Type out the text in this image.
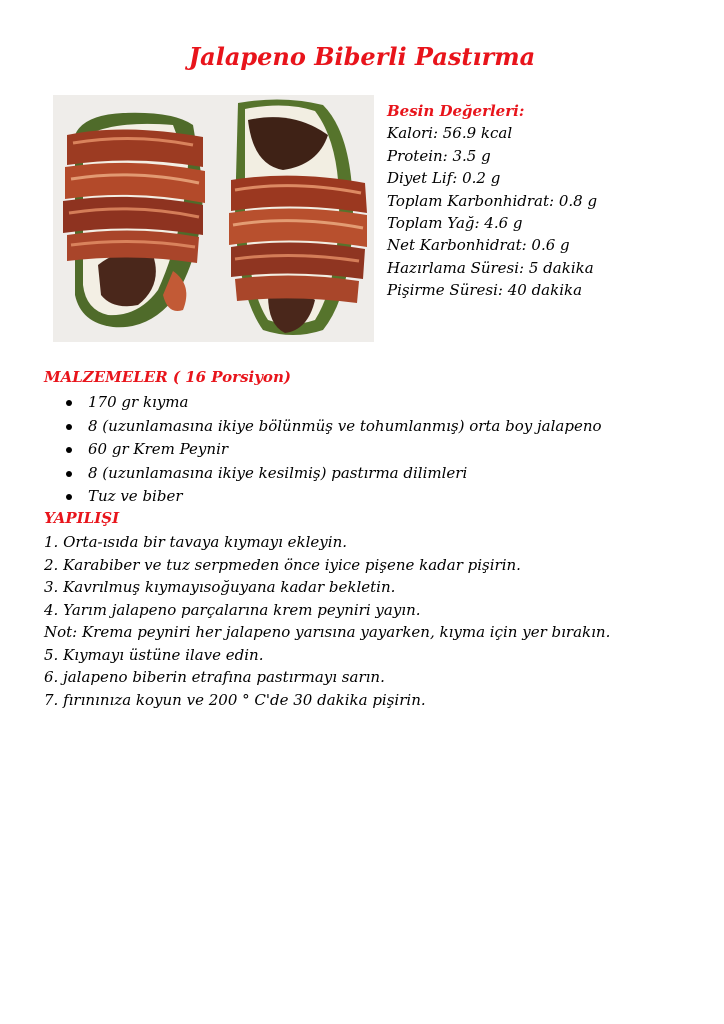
Jalapeno Biberli Pastırma
Besin Değerleri:
Kalori: 56.9 kcal
Protein: 3.5 g
Diyet Lif: 0.2 g
Toplam Karbonhidrat: 0.8 g
Toplam Yağ: 4.6 g
Net Karbonhidrat: 0.6 g
Hazırlama Süresi: 5 dakika
Pişirme Süresi: 40 dakika
MALZEMELER ( 16 Porsiyon)
170 gr kıyma
8 (uzunlamasına ikiye bölünmüş ve tohumlanmış) orta boy jalapeno
60 gr Krem Peynir
8 (uzunlamasına ikiye kesilmiş) pastırma dilimleri
Tuz ve biber
YAPILIŞI
1. Orta-ısıda bir tavaya kıymayı ekleyin.
2. Karabiber ve tuz serpmeden önce iyice pişene kadar pişirin.
3. Kavrılmuş kıymayısoğuyana kadar bekletin.
4. Yarım jalapeno parçalarına krem peyniri yayın.
Not: Krema peyniri her jalapeno yarısına yayarken, kıyma için yer bırakın.
5. Kıymayı üstüne ilave edin.
6. jalapeno biberin etrafına pastırmayı sarın.
7. fırınınıza koyun ve 200 ° C'de 30 dakika pişirin.
